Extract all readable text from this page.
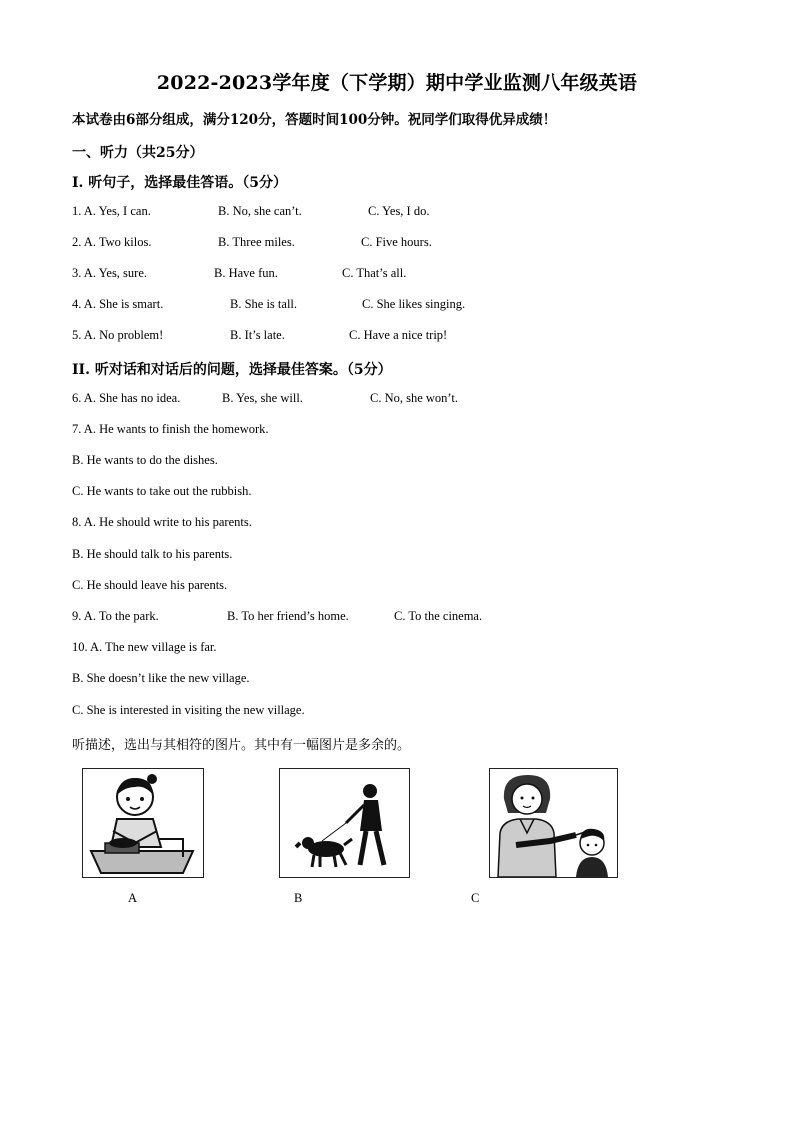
2022-2023学年度（下学期）期中学业监测八年级英语
本试卷由6部分组成，满分120分，答题时间100分钟。祝同学们取得优异成绩！
一、听力（共25分）
I. 听句子，选择最佳答语。（5分）
1. A. Yes, I can.	B. No, she can’t.	C. Yes, I do.
2. A. Two kilos.	B. Three miles.	C. Five hours.
3. A. Yes, sure.	B. Have fun.	C. That’s all.
4. A. She is smart.	B. She is tall.	C. She likes singing.
5. A. No problem!	B. It’s late.	C. Have a nice trip!
II. 听对话和对话后的问题，选择最佳答案。（5分）
6. A. She has no idea.	B. Yes, she will.	C. No, she won’t.
7. A. He wants to finish the homework.
B. He wants to do the dishes.
C. He wants to take out the rubbish.
8. A. He should write to his parents.
B. He should talk to his parents.
C. He should leave his parents.
9. A. To the park.	B. To her friend’s home.	C. To the cinema.
10. A. The new village is far.
B. She doesn’t like the new village.
C. She is interested in visiting the new village.
听描述，选出与其相符的图片。其中有一幅图片是多余的。
A	B	C
